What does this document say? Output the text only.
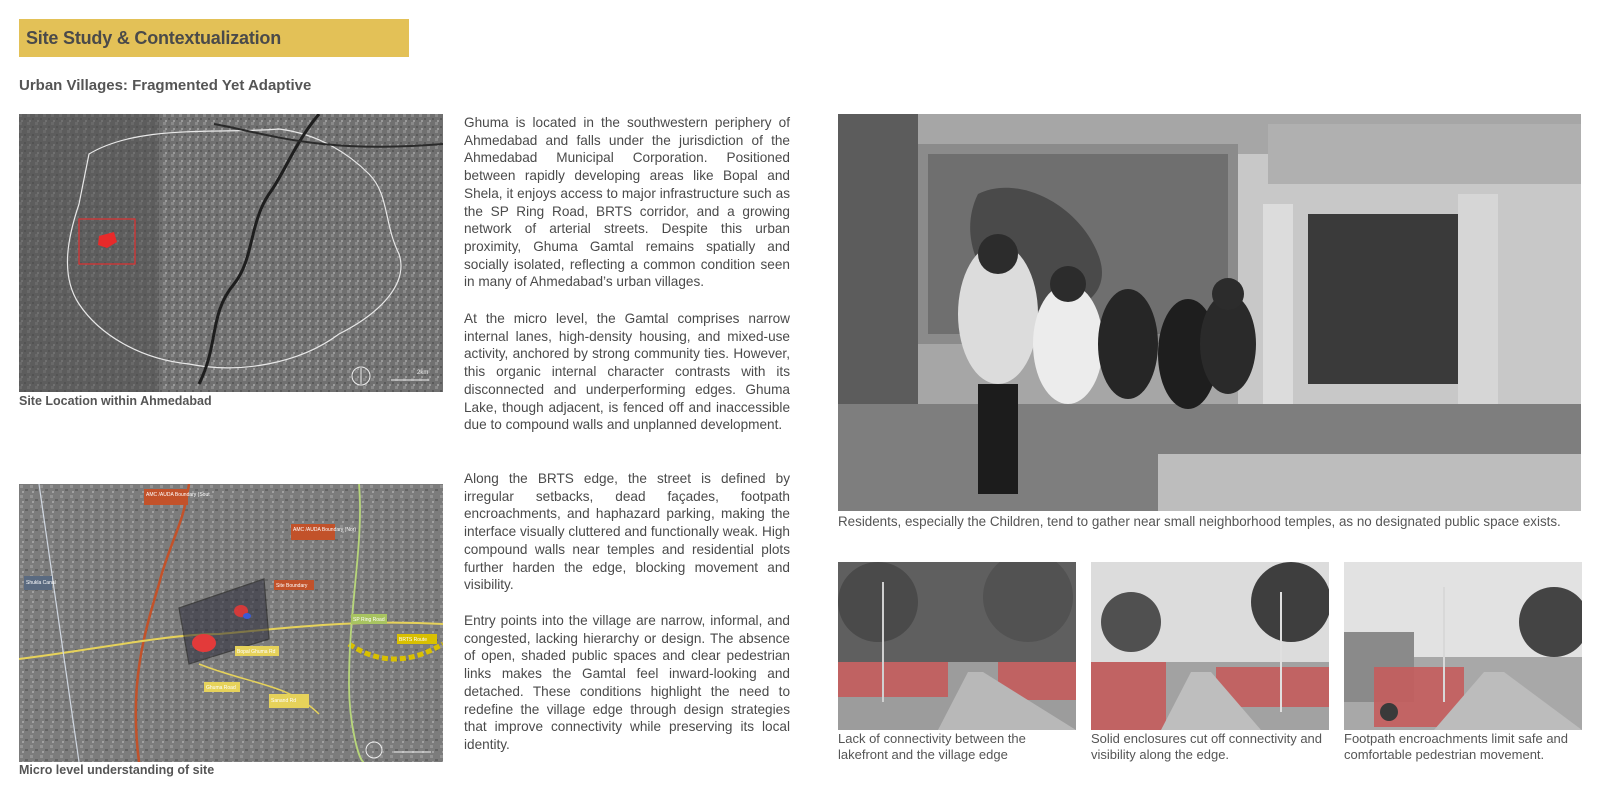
Site Study & Contextualization
Urban Villages: Fragmented Yet Adaptive
2km
Site Location within Ahmedabad
AMC /AUDA Boundary (Sout
AMC /AUDA Boundary (Nor)
Shukla Canal	Site Boundary
SP Ring Road
BRTS Route
Bopal Ghuma Rd
Ghuma Road
Sanand Rd
Micro level understanding of site

Ghuma is located in the southwestern periphery of Ahmedabad and falls under the jurisdiction of the Ahmedabad Municipal Corporation. Positioned between rapidly developing areas like Bopal and Shela, it enjoys access to major infrastructure such as the SP Ring Road, BRTS corridor, and a growing network of arterial streets. Despite this urban proximity, Ghuma Gamtal remains spatially and socially isolated, reflecting a common condition seen in many of Ahmedabad’s urban villages.

At the micro level, the Gamtal comprises narrow internal lanes, high-density housing, and mixed-use activity, anchored by strong community ties. However, this organic internal character contrasts with its disconnected and underperforming edges. Ghuma Lake, though adjacent, is fenced off and inaccessible due to compound walls and unplanned development.

Along the BRTS edge, the street is defined by irregular setbacks, dead façades, footpath encroachments, and haphazard parking, making the interface visually cluttered and functionally weak. High compound walls near temples and residential plots further harden the edge, blocking movement and visibility.

Entry points into the village are narrow, informal, and congested, lacking hierarchy or design. The absence of open, shaded public spaces and clear pedestrian links makes the Gamtal feel inward-looking and detached. These conditions highlight the need to redefine the village edge through design strategies that improve connectivity while preserving its local identity.

Residents, especially the Children, tend to gather near small neighborhood temples, as no designated public space exists.
Lack of connectivity between the lakefront and the village edge
Solid enclosures cut off connectivity and visibility along the edge.
Footpath encroachments limit safe and comfortable pedestrian movement.
